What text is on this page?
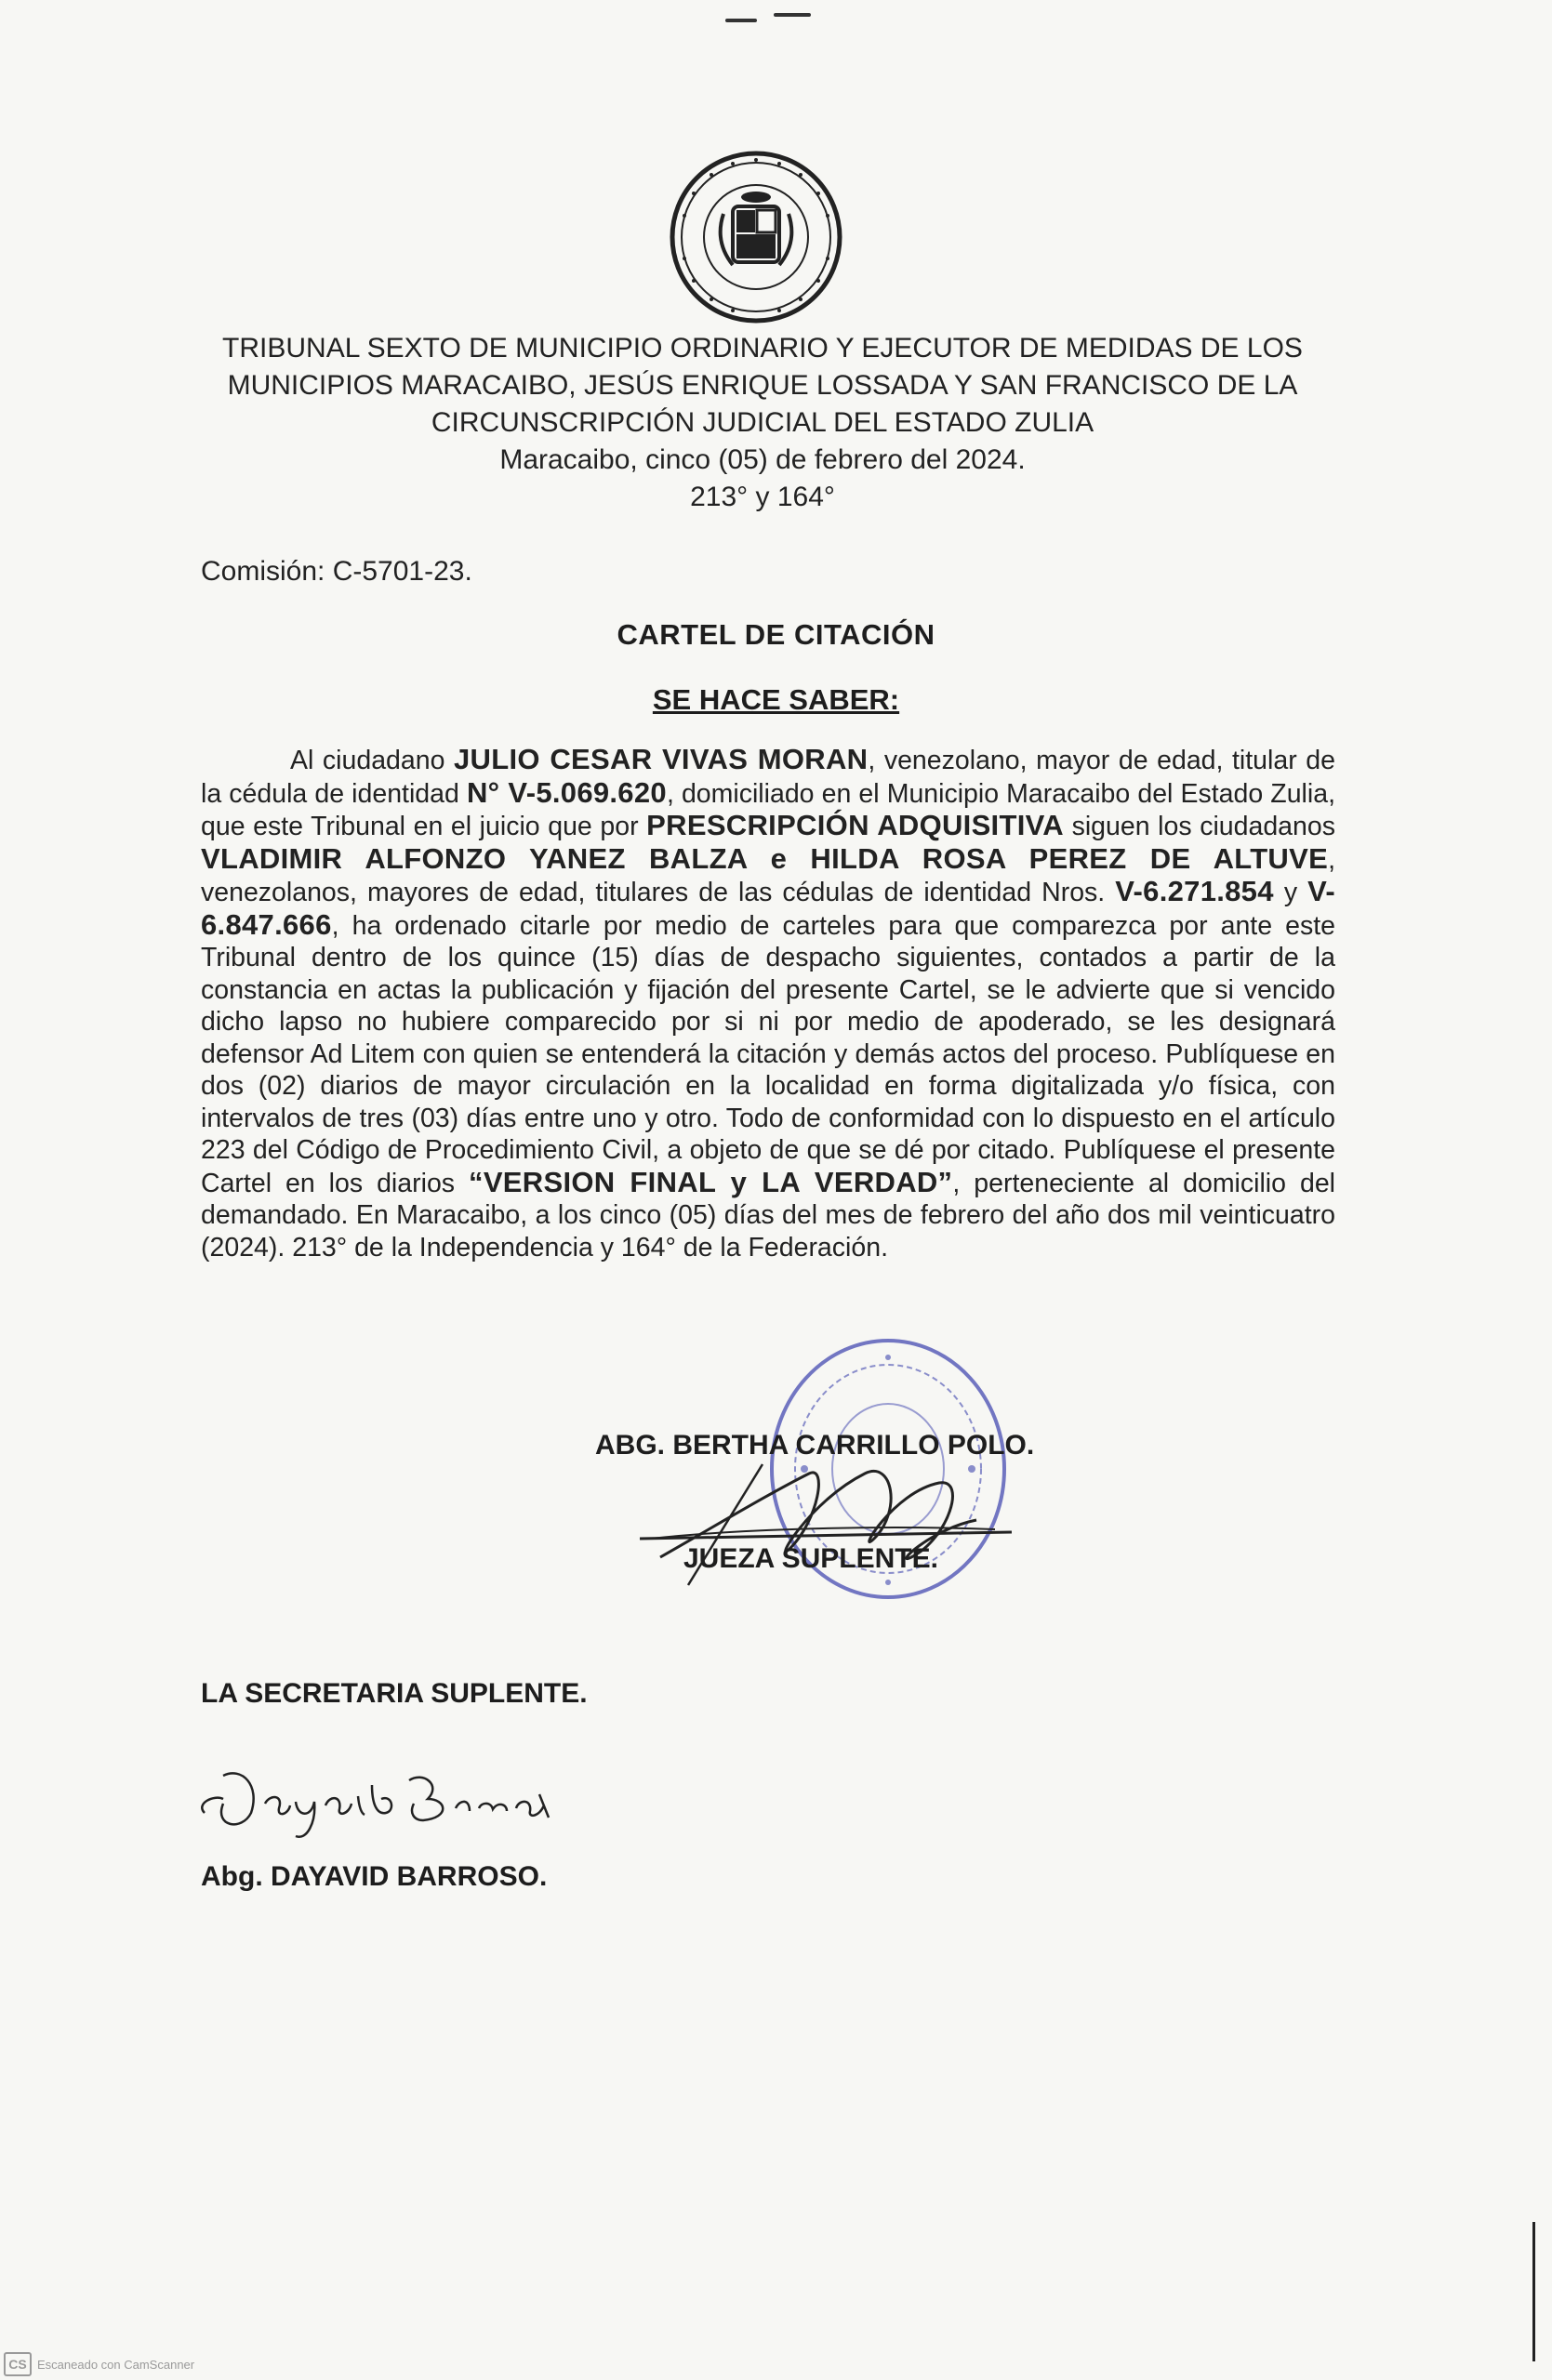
TRIBUNAL SEXTO DE MUNICIPIO ORDINARIO Y EJECUTOR DE MEDIDAS DE LOS
MUNICIPIOS MARACAIBO, JESÚS ENRIQUE LOSSADA Y SAN FRANCISCO DE LA
CIRCUNSCRIPCIÓN JUDICIAL DEL ESTADO ZULIA
Maracaibo, cinco (05) de febrero del 2024.
213° y 164°
Comisión: C-5701-23.
CARTEL DE CITACIÓN
SE HACE SABER:
Al ciudadano JULIO CESAR VIVAS MORAN, venezolano, mayor de edad, titular de la cédula de identidad N° V-5.069.620, domiciliado en el Municipio Maracaibo del Estado Zulia, que este Tribunal en el juicio que por PRESCRIPCIÓN ADQUISITIVA siguen los ciudadanos VLADIMIR ALFONZO YANEZ BALZA e HILDA ROSA PEREZ DE ALTUVE, venezolanos, mayores de edad, titulares de las cédulas de identidad Nros. V-6.271.854 y V-6.847.666, ha ordenado citarle por medio de carteles para que comparezca por ante este Tribunal dentro de los quince (15) días de despacho siguientes, contados a partir de la constancia en actas la publicación y fijación del presente Cartel, se le advierte que si vencido dicho lapso no hubiere comparecido por si ni por medio de apoderado, se les designará defensor Ad Litem con quien se entenderá la citación y demás actos del proceso. Publíquese en dos (02) diarios de mayor circulación en la localidad en forma digitalizada y/o física, con intervalos de tres (03) días entre uno y otro. Todo de conformidad con lo dispuesto en el artículo 223 del Código de Procedimiento Civil, a objeto de que se dé por citado. Publíquese el presente Cartel en los diarios “VERSION FINAL y LA VERDAD”, perteneciente al domicilio del demandado. En Maracaibo, a los cinco (05) días del mes de febrero del año dos mil veinticuatro (2024). 213° de la Independencia y 164° de la Federación.
ABG. BERTHA CARRILLO POLO.
JUEZA SUPLENTE.
LA SECRETARIA SUPLENTE.
Abg. DAYAVID BARROSO.
CS Escaneado con CamScanner
